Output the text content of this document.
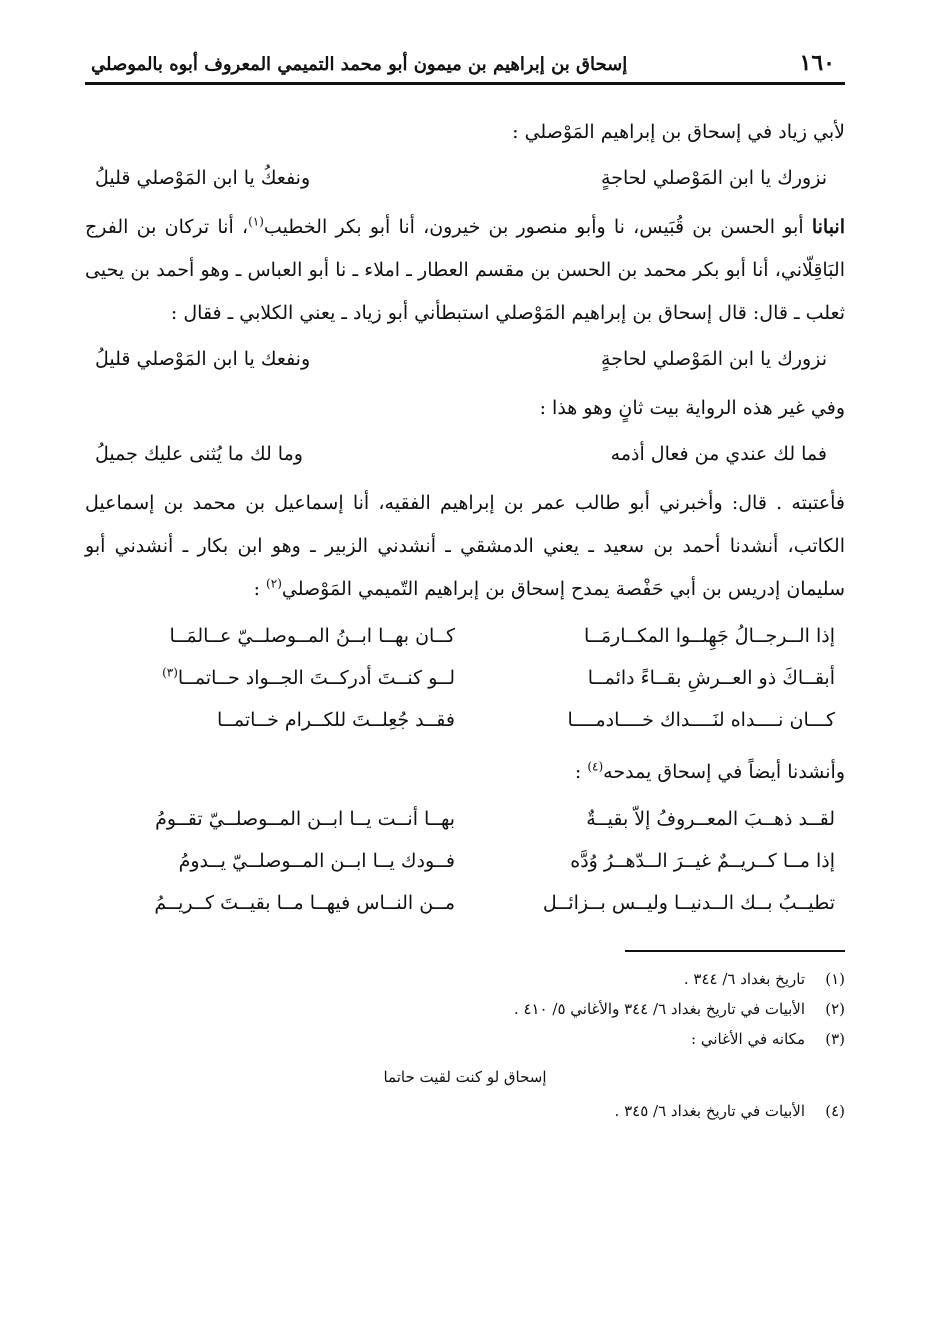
١٦٠
إسحاق بن إبراهيم بن ميمون أبو محمد التميمي المعروف أبوه بالموصلي

لأبي زياد في إسحاق بن إبراهيم المَوْصلي :

نزورك يا ابن المَوْصلي لحاجةٍ
ونفعكُ يا ابن المَوْصلي قليلُ

انبانا أبو الحسن بن قُبَيس، نا وأبو منصور بن خيرون، أنا أبو بكر الخطيب$^{(١)}$، أنا تركان بن الفرج البَاقِلّاني، أنا أبو بكر محمد بن الحسن بن مقسم العطار ـ املاء ـ نا أبو العباس ـ وهو أحمد بن يحيى ثعلب ـ قال: قال إسحاق بن إبراهيم المَوْصلي استبطأني أبو زياد ـ يعني الكلابي ـ فقال :

نزورك يا ابن المَوْصلي لحاجةٍ
ونفعك يا ابن المَوْصلي قليلُ

وفي غير هذه الرواية بيت ثانٍ وهو هذا :

فما لك عندي من فعال أذمه
وما لك ما يُثنى عليك جميلُ

فأعتبته . قال: وأخبرني أبو طالب عمر بن إبراهيم الفقيه، أنا إسماعيل بن محمد بن إسماعيل الكاتب، أنشدنا أحمد بن سعيد ـ يعني الدمشقي ـ أنشدني الزبير ـ وهو ابن بكار ـ أنشدني أبو سليمان إدريس بن أبي حَفْصة يمدح إسحاق بن إبراهيم التّميمي المَوْصلي$^{(٢)}$ :

إذا الــرجــالُ جَهِلــوا المكــارمَــا
كــان بهــا ابــنُ المــوصلــيّ عــالمَــا
أبقــاكَ ذو العــرشِ بقــاءً دائمــا
لــو كنــتَ أدركــتَ الجــواد حــاتمــا$^{(٣)}$
كـــان نــــداه لنَــــداك خــــادمــــا
فقــد جُعِلــتَ للكــرام خــاتمــا

وأنشدنا أيضاً في إسحاق يمدحه$^{(٤)}$ :

لقــد ذهــبَ المعــروفُ إلاّ بقيــةٌ
بهــا أنــت يــا ابــن المــوصلــيّ تقــومُ
إذا مــا كــريــمٌ غيــرَ الــدّهــرُ وُدَّه
فــودك يــا ابــن المــوصلــيّ يــدومُ
تطيــبُ بــك الــدنيــا وليــس بــزائــل
مــن النــاس فيهــا مــا بقيــتَ كــريــمُ
(١)
تاريخ بغداد ٦/ ٣٤٤ .
(٢)
الأبيات في تاريخ بغداد ٦/ ٣٤٤ والأغاني ٥/ ٤١٠ .
(٣)
مكانه في الأغاني :
إسحاق لو كنت لقيت حاتما
(٤)
الأبيات في تاريخ بغداد ٦/ ٣٤٥ .
